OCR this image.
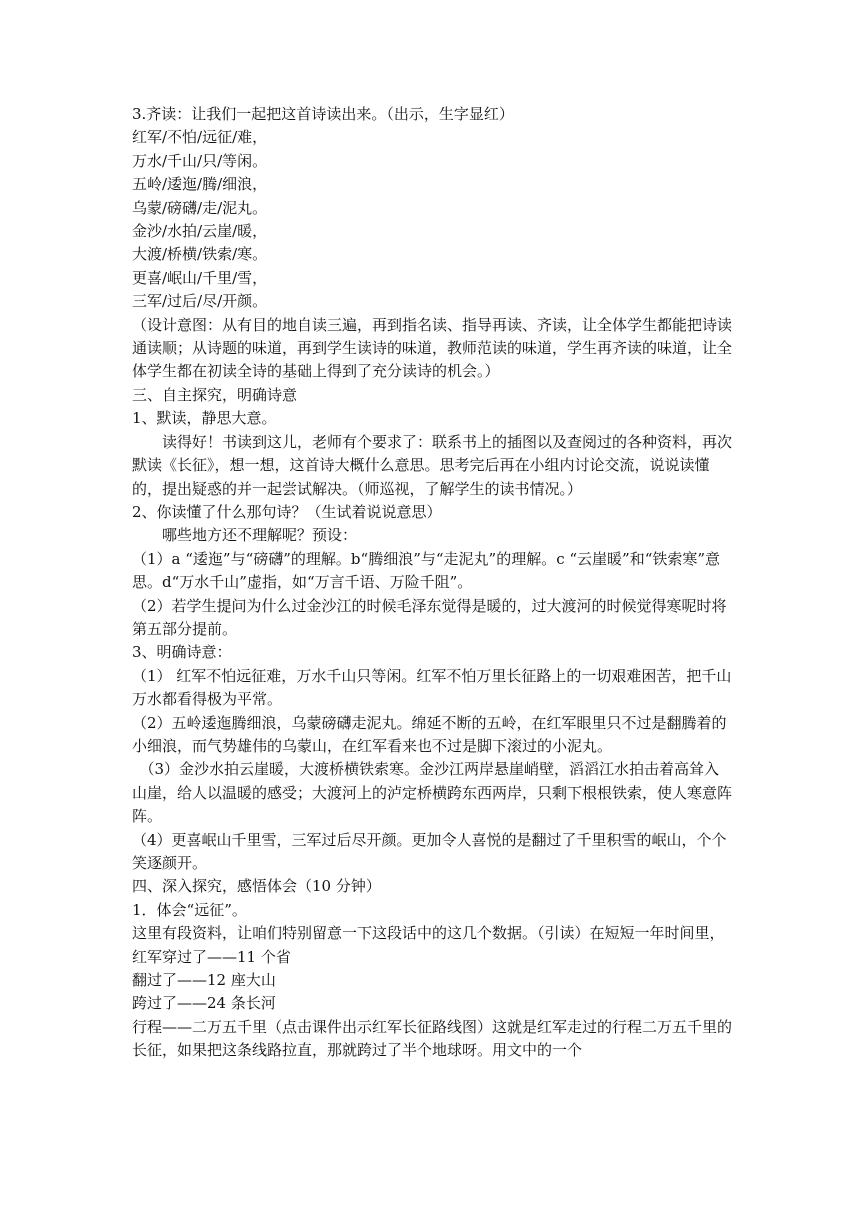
3.齐读：让我们一起把这首诗读出来。（出示，生字显红）

红军/不怕/远征/难，

万水/千山/只/等闲。

五岭/逶迤/腾/细浪，

乌蒙/磅礴/走/泥丸。

金沙/水拍/云崖/暖，

大渡/桥横/铁索/寒。

更喜/岷山/千里/雪，

三军/过后/尽/开颜。

（设计意图：从有目的地自读三遍，再到指名读、指导再读、齐读，让全体学生都能把诗读通读顺；从诗题的味道，再到学生读诗的味道，教师范读的味道，学生再齐读的味道，让全体学生都在初读全诗的基础上得到了充分读诗的机会。）

三、自主探究，明确诗意

1、默读，静思大意。

读得好！书读到这儿，老师有个要求了：联系书上的插图以及查阅过的各种资料，再次默读《长征》，想一想，这首诗大概什么意思。思考完后再在小组内讨论交流，说说读懂的，提出疑惑的并一起尝试解决。（师巡视，了解学生的读书情况。）

2、你读懂了什么那句诗？（生试着说说意思）

哪些地方还不理解呢？预设：

（1）a “逶迤”与“磅礴”的理解。b“腾细浪”与“走泥丸”的理解。c “云崖暖”和“铁索寒”意思。d“万水千山”虚指，如“万言千语、万险千阻”。

（2）若学生提问为什么过金沙江的时候毛泽东觉得是暖的，过大渡河的时候觉得寒呢时将第五部分提前。

3、明确诗意：

（1） 红军不怕远征难，万水千山只等闲。红军不怕万里长征路上的一切艰难困苦，把千山万水都看得极为平常。

（2）五岭逶迤腾细浪，乌蒙磅礴走泥丸。绵延不断的五岭，在红军眼里只不过是翻腾着的小细浪，而气势雄伟的乌蒙山，在红军看来也不过是脚下滚过的小泥丸。

（3）金沙水拍云崖暖，大渡桥横铁索寒。金沙江两岸悬崖峭壁，滔滔江水拍击着高耸入山崖，给人以温暖的感受；大渡河上的泸定桥横跨东西两岸，只剩下根根铁索，使人寒意阵阵。

（4）更喜岷山千里雪，三军过后尽开颜。更加令人喜悦的是翻过了千里积雪的岷山，个个笑逐颜开。

四、深入探究，感悟体会（10 分钟）

1．体会“远征”。

这里有段资料，让咱们特别留意一下这段话中的这几个数据。（引读）在短短一年时间里，

红军穿过了——11 个省

翻过了——12 座大山

跨过了——24 条长河

行程——二万五千里（点击课件出示红军长征路线图）这就是红军走过的行程二万五千里的长征，如果把这条线路拉直，那就跨过了半个地球呀。用文中的一个
